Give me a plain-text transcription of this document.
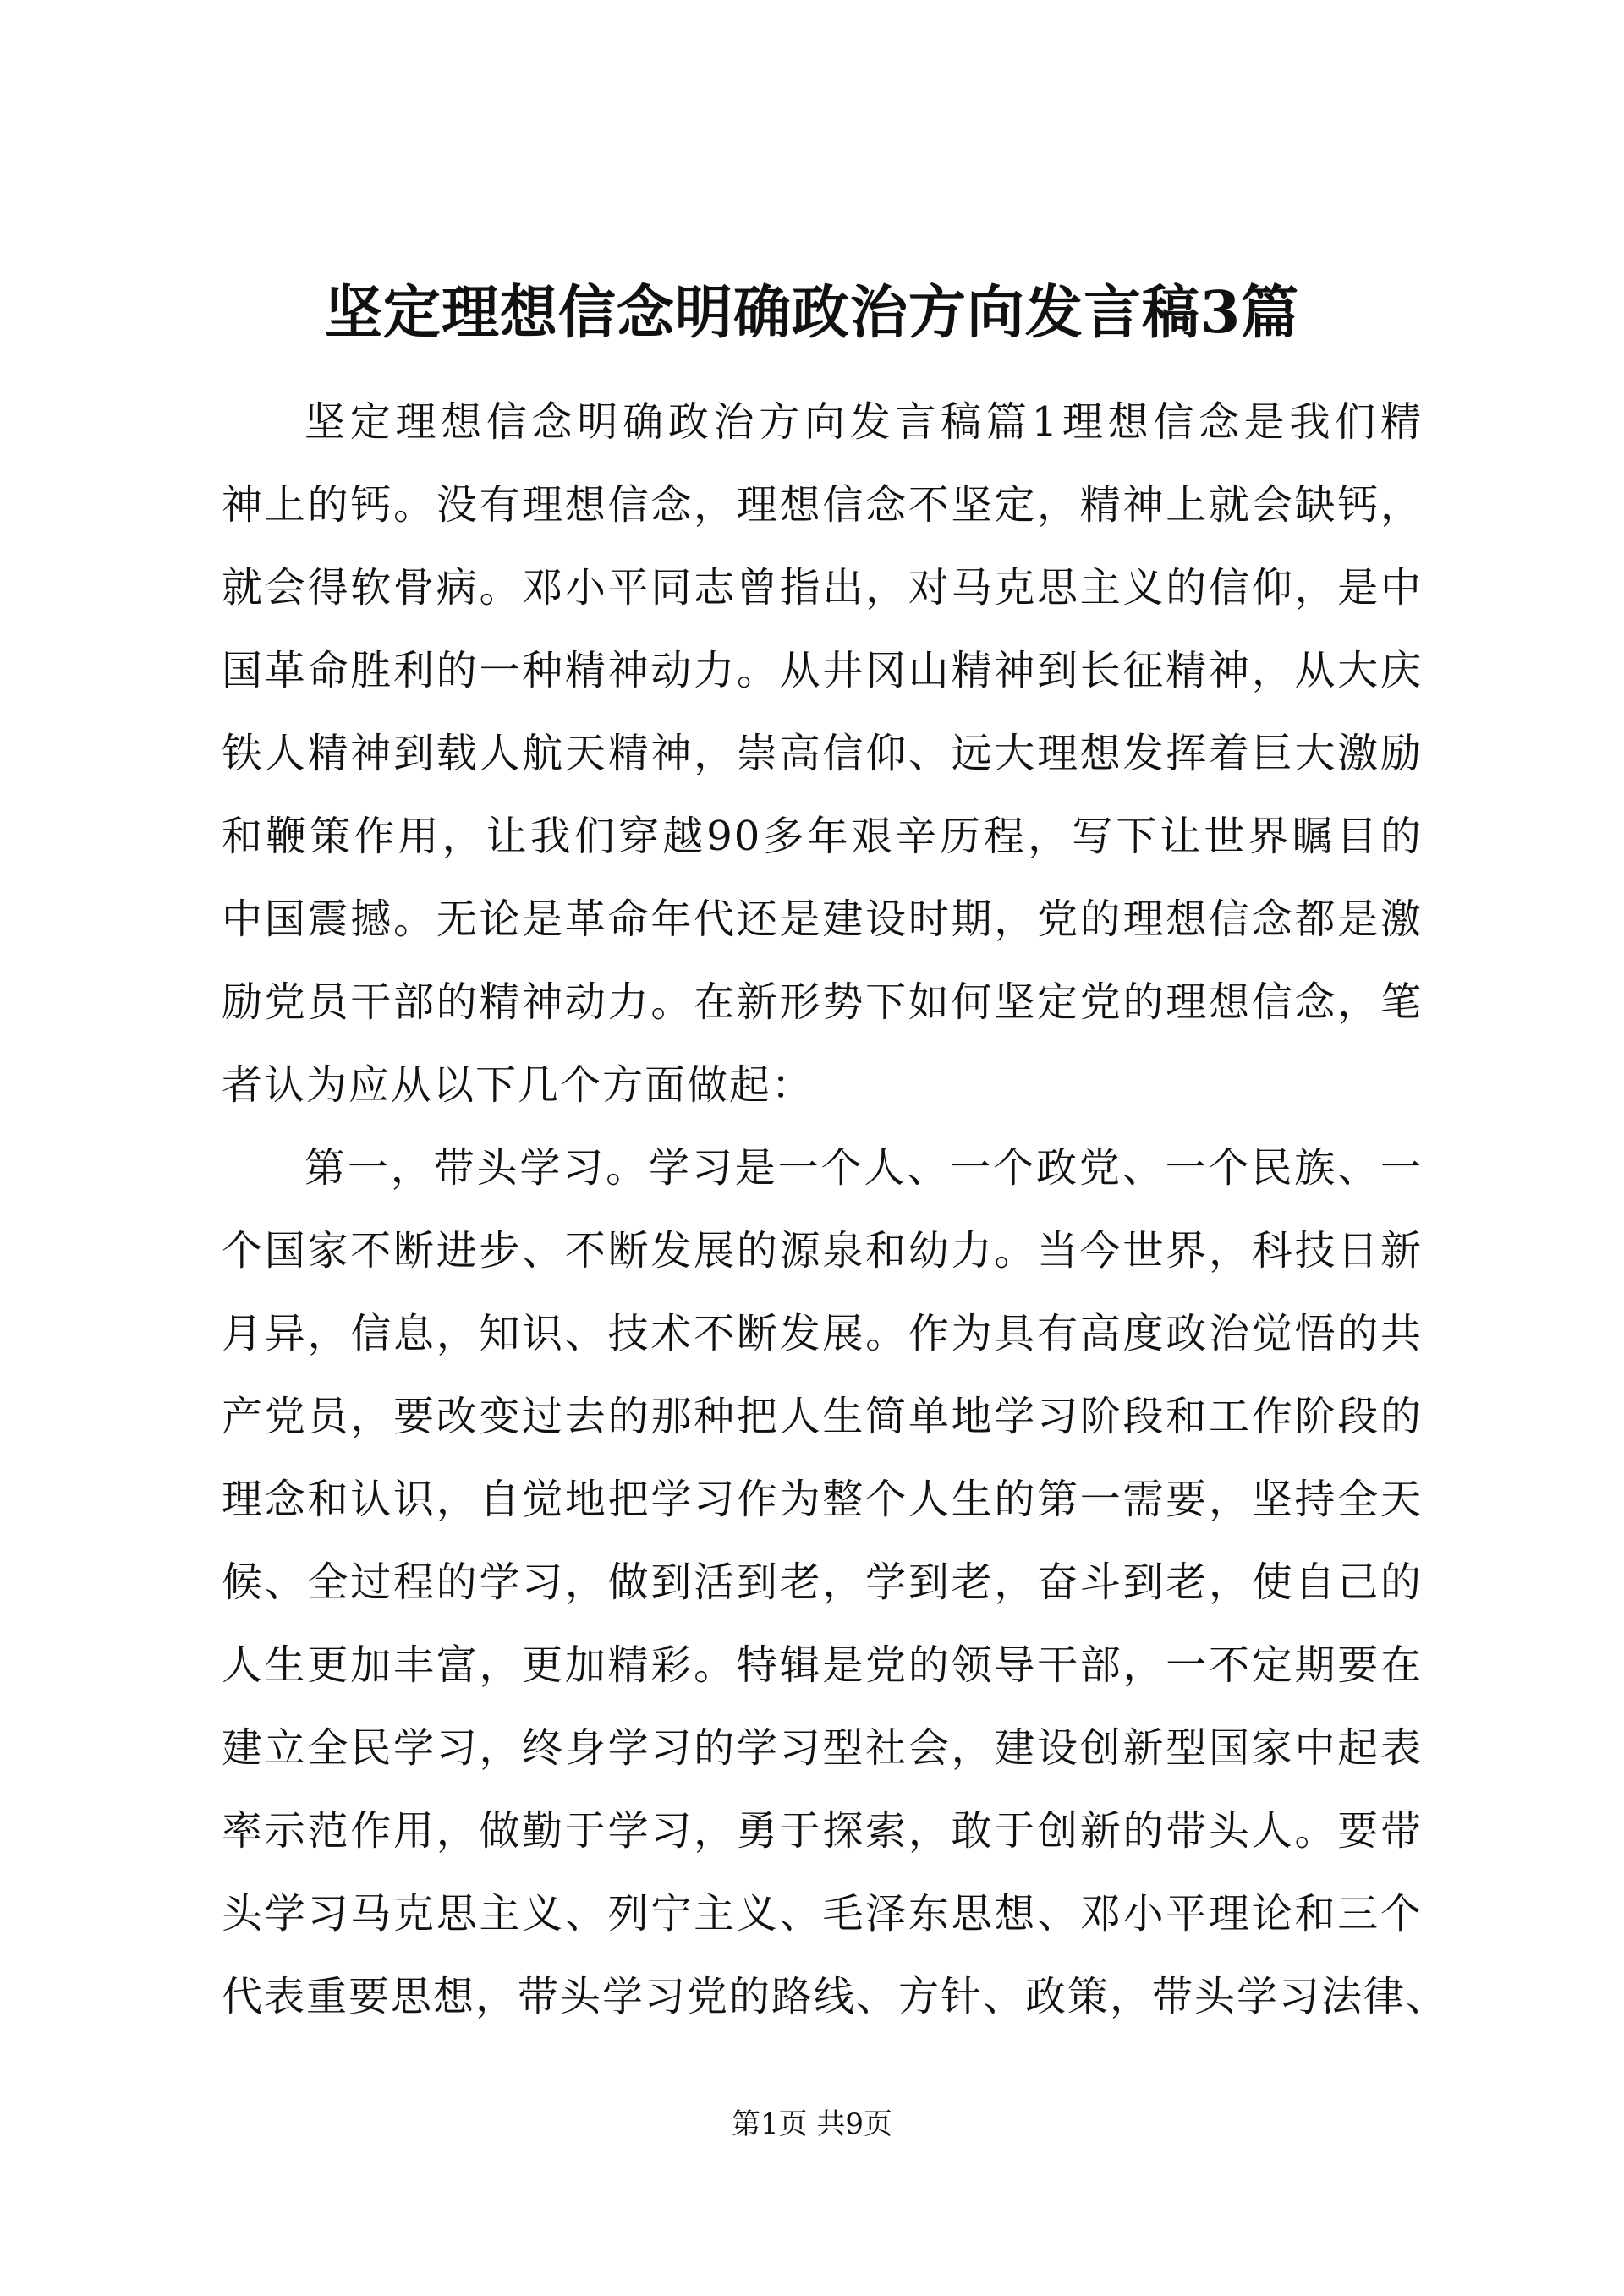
坚定理想信念明确政治方向发言稿3篇
坚定理想信念明确政治方向发言稿篇1理想信念是我们精
神上的钙。没有理想信念，理想信念不坚定，精神上就会缺钙，
就会得软骨病。邓小平同志曾指出，对马克思主义的信仰，是中
国革命胜利的一种精神动力。从井冈山精神到长征精神，从大庆
铁人精神到载人航天精神，崇高信仰、远大理想发挥着巨大激励
和鞭策作用，让我们穿越90多年艰辛历程，写下让世界瞩目的
中国震撼。无论是革命年代还是建设时期，党的理想信念都是激
励党员干部的精神动力。在新形势下如何坚定党的理想信念，笔
者认为应从以下几个方面做起：
第一，带头学习。学习是一个人、一个政党、一个民族、一
个国家不断进步、不断发展的源泉和幼力。当今世界，科技日新
月异，信息，知识、技术不断发展。作为具有高度政治觉悟的共
产党员，要改变过去的那种把人生简单地学习阶段和工作阶段的
理念和认识，自觉地把学习作为整个人生的第一需要，坚持全天
候、全过程的学习，做到活到老，学到老，奋斗到老，使自己的
人生更加丰富，更加精彩。特辑是党的领导干部，一不定期要在
建立全民学习，终身学习的学习型社会，建设创新型国家中起表
率示范作用，做勤于学习，勇于探索，敢于创新的带头人。要带
头学习马克思主义、列宁主义、毛泽东思想、邓小平理论和三个
代表重要思想，带头学习党的路线、方针、政策，带头学习法律、
第1页 共9页
